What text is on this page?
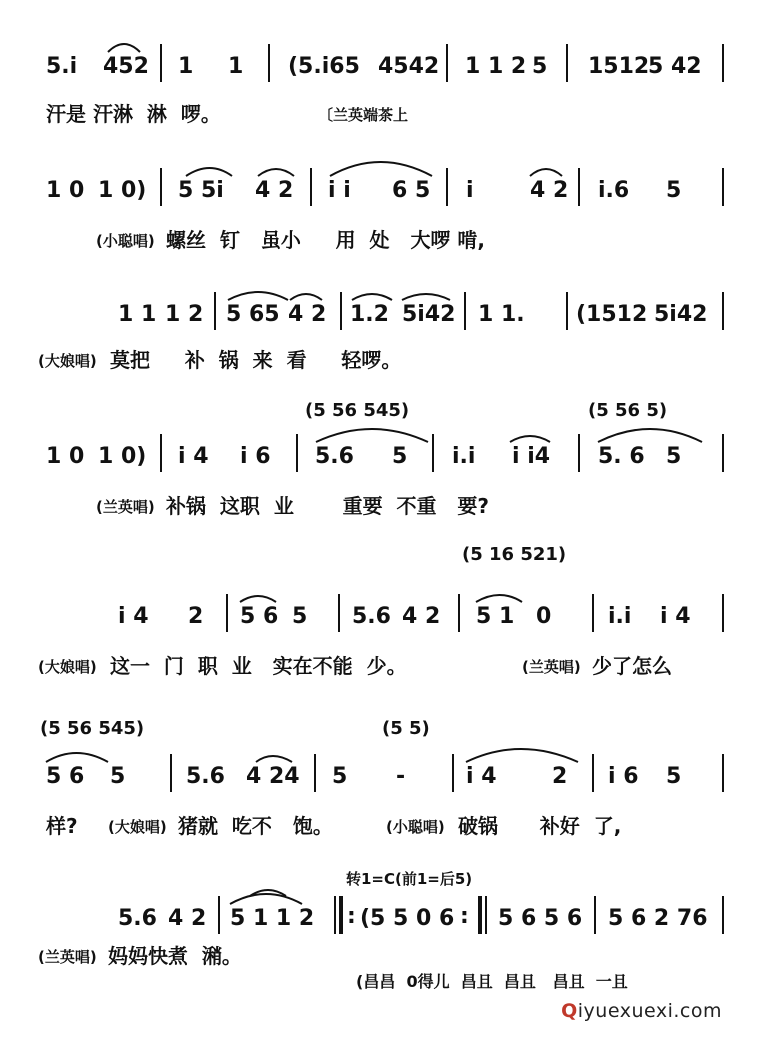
5.i 452 1 1 (5.i65 4542 1 1 2 5 1512
5 42
汗是 汗淋  淋  啰。	〔兰英端茶上
1 0 1 0) 5 5i 4 2 i i 6 5 i	4 2 i.6 5
(小聪唱) 螺丝  钉   虽小     用  处   大啰 啃,
1 1 1 2 5 65 4 2 1.2 5i42 1 1. (1512 5i42
(大娘唱) 莫把     补  锅  来  看     轻啰。
(5 56 545)	(5 56 5)
1 0 1 0) i 4 i 6 5.6 5 i.i i i4 5. 6 5
(兰英唱) 补锅  这职  业       重要  不重   要?
(5 16 521)
i 4 2 5 6 5 5.6 4 2 5 1 0	i.i i 4
(大娘唱) 这一  门  职  业   实在不能  少。	(兰英唱) 少了怎么
(5 56 545)	(5 5)
5 6 5	5.6 4 24 5 -	i 4	2 i 6 5
样? (大娘唱) 猪就  吃不   饱。	(小聪唱) 破锅      补好  了,
转1=C(前1=后5)
5.6 4 2 5 1 1 2 (5 5 0 6 5 6 5 6 5 6 2 76
:	:
(兰英唱) 妈妈快煮  潲。
(昌昌  0得儿  昌且  昌且   昌且  一且
Qiyuexuexi.com
